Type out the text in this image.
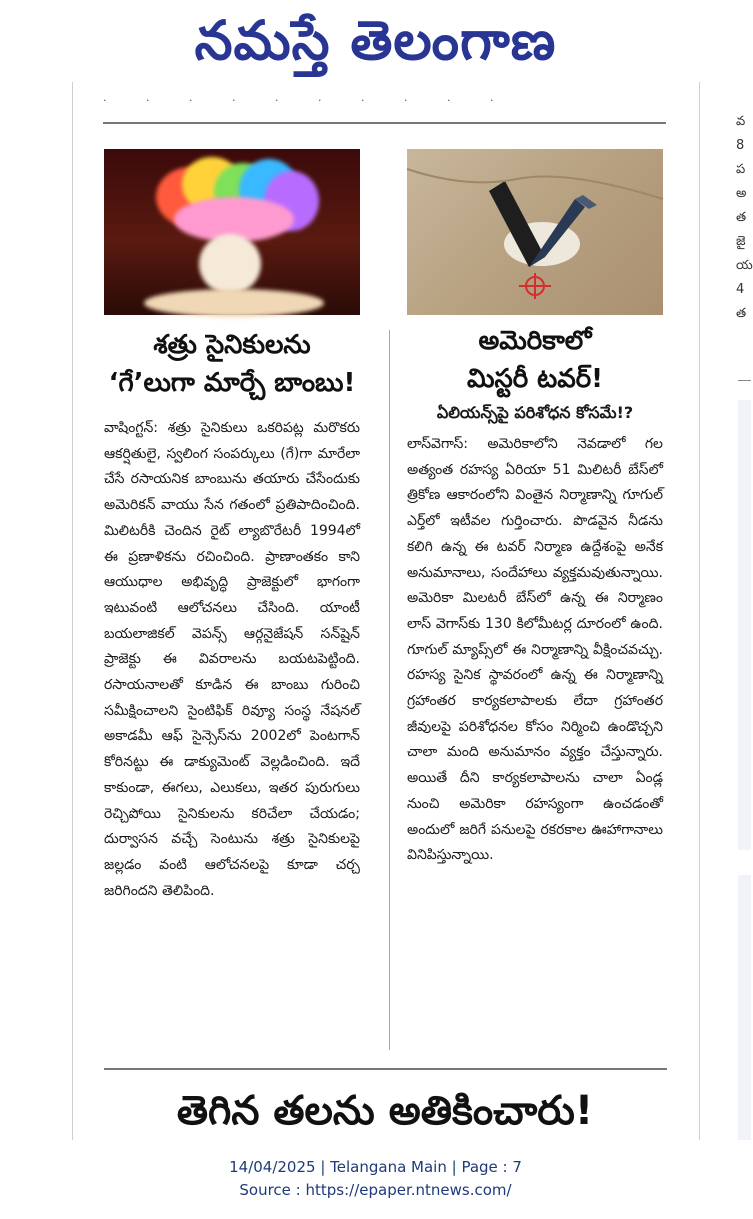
నమస్తే తెలంగాణ
· · · · · · · · · ·
వ
8
ప
అ
త
జై
య
4
త
శత్రు సైనికులను
‘గే’లుగా మార్చే బాంబు!
వాషింగ్టన్‌: శత్రు సైనికులు ఒకరిపట్ల మరొకరు ఆకర్షితులై, స్వలింగ సంపర్కులు (గే)గా మారేలా చేసే రసాయనిక బాంబును తయారు చేసేందుకు అమెరికన్‌ వాయు సేన గతంలో ప్రతిపాదించింది. మిలిటరీకి చెందిన రైట్‌ ల్యాబొరేటరీ 1994లో ఈ ప్రణాళికను రచించింది. ప్రాణాంతకం కాని ఆయుధాల అభివృద్ధి ప్రాజెక్టులో భాగంగా ఇటువంటి ఆలోచనలు చేసింది. యాంటీ బయలాజికల్‌ వెపన్స్‌ ఆర్గనైజేషన్‌ సన్‌షైన్‌ ప్రాజెక్టు ఈ వివరాలను బయటపెట్టింది. రసాయనాలతో కూడిన ఈ బాంబు గురించి సమీక్షించాలని సైంటిఫిక్‌ రివ్యూ సంస్థ నేషనల్‌ అకాడమీ ఆఫ్‌ సైన్సెస్‌ను 2002లో పెంటగాన్‌ కోరినట్టు ఈ డాక్యుమెంట్‌ వెల్లడించింది. ఇదే కాకుండా, ఈగలు, ఎలుకలు, ఇతర పురుగులు రెచ్చిపోయి సైనికులను కరిచేలా చేయడం; దుర్వాసన వచ్చే సెంటును శత్రు సైనికులపై జల్లడం వంటి ఆలోచనలపై కూడా చర్చ జరిగిందని తెలిపింది.
అమెరికాలో
మిస్టరీ టవర్‌!
ఏలియన్స్‌పై పరిశోధన కోసమే!?
లాస్‌వెగాస్‌: అమెరికాలోని నెవడాలో గల అత్యంత రహస్య ఏరియా 51 మిలిటరీ బేస్‌లో త్రికోణ ఆకారంలోని వింతైన నిర్మాణాన్ని గూగుల్‌ ఎర్త్‌లో ఇటీవల గుర్తించారు. పొడవైన నీడను కలిగి ఉన్న ఈ టవర్‌ నిర్మాణ ఉద్దేశంపై అనేక అనుమానాలు, సందేహాలు వ్యక్తమవుతున్నాయి. అమెరికా మిలటరీ బేస్‌లో ఉన్న ఈ నిర్మాణం లాస్‌ వెగాస్‌కు 130 కిలోమీటర్ల దూరంలో ఉంది. గూగుల్‌ మ్యాప్స్‌లో ఈ నిర్మాణాన్ని వీక్షించవచ్చు. రహస్య సైనిక స్థావరంలో ఉన్న ఈ నిర్మాణాన్ని గ్రహాంతర కార్యకలాపాలకు లేదా గ్రహాంతర జీవులపై పరిశోధనల కోసం నిర్మించి ఉండొచ్చని చాలా మంది అనుమానం వ్యక్తం చేస్తున్నారు. అయితే దీని కార్యకలాపాలను చాలా ఏండ్ల నుంచి అమెరికా రహస్యంగా ఉంచడంతో అందులో జరిగే పనులపై రకరకాల ఊహాగానాలు వినిపిస్తున్నాయి.
తెగిన తలను అతికించారు!
14/04/2025 | Telangana Main | Page : 7
Source : https://epaper.ntnews.com/
